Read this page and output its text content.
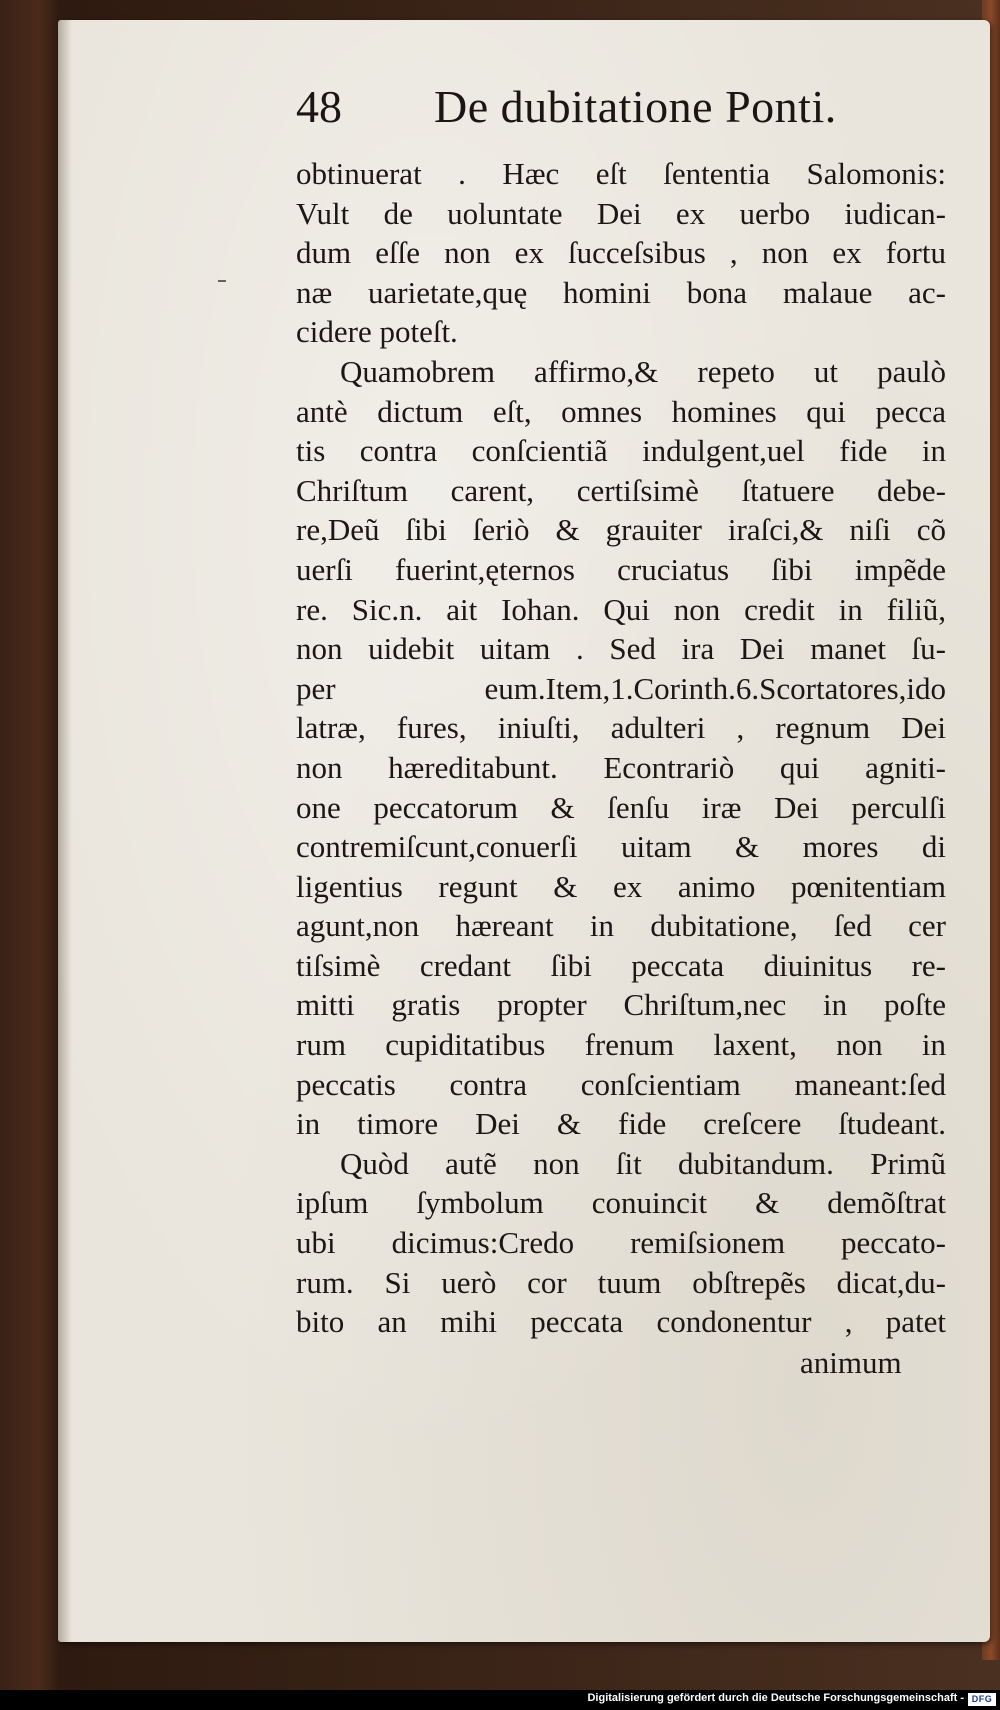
48 De dubitatione Ponti.
obtinuerat . Hæc eſt ſententia Salomonis:
Vult de uoluntate Dei ex uerbo iudican-
dum eſſe non ex ſucceſsibus , non ex fortu
næ uarietate,quę homini bona malaue ac-
cidere poteſt.
Quamobrem affirmo,& repeto ut paulò
antè dictum eſt, omnes homines qui pecca
tis contra conſcientiã indulgent,uel fide in
Chriſtum carent, certiſsimè ſtatuere debe-
re,Deũ ſibi ſeriò & grauiter iraſci,& niſi cõ
uerſi fuerint,ęternos cruciatus ſibi impẽde
re. Sic.n. ait Iohan. Qui non credit in filiũ,
non uidebit uitam . Sed ira Dei manet ſu-
per eum.Item,1.Corinth.6.Scortatores,ido
latræ, fures, iniuſti, adulteri , regnum Dei
non hæreditabunt. Econtrariò qui agniti-
one peccatorum & ſenſu iræ Dei perculſi
contremiſcunt,conuerſi uitam & mores di
ligentius regunt & ex animo pœnitentiam
agunt,non hæreant in dubitatione, ſed cer
tiſsimè credant ſibi peccata diuinitus re-
mitti gratis propter Chriſtum,nec in poſte
rum cupiditatibus frenum laxent, non in
peccatis contra conſcientiam maneant:ſed
in timore Dei & fide creſcere ſtudeant.
Quòd autẽ non ſit dubitandum. Primũ
ipſum ſymbolum conuincit & demõſtrat
ubi dicimus:Credo remiſsionem peccato-
rum. Si uerò cor tuum obſtrepẽs dicat,du-
bito an mihi peccata condonentur , patet
animum
Digitalisierung gefördert durch die Deutsche Forschungsgemeinschaft - DFG
